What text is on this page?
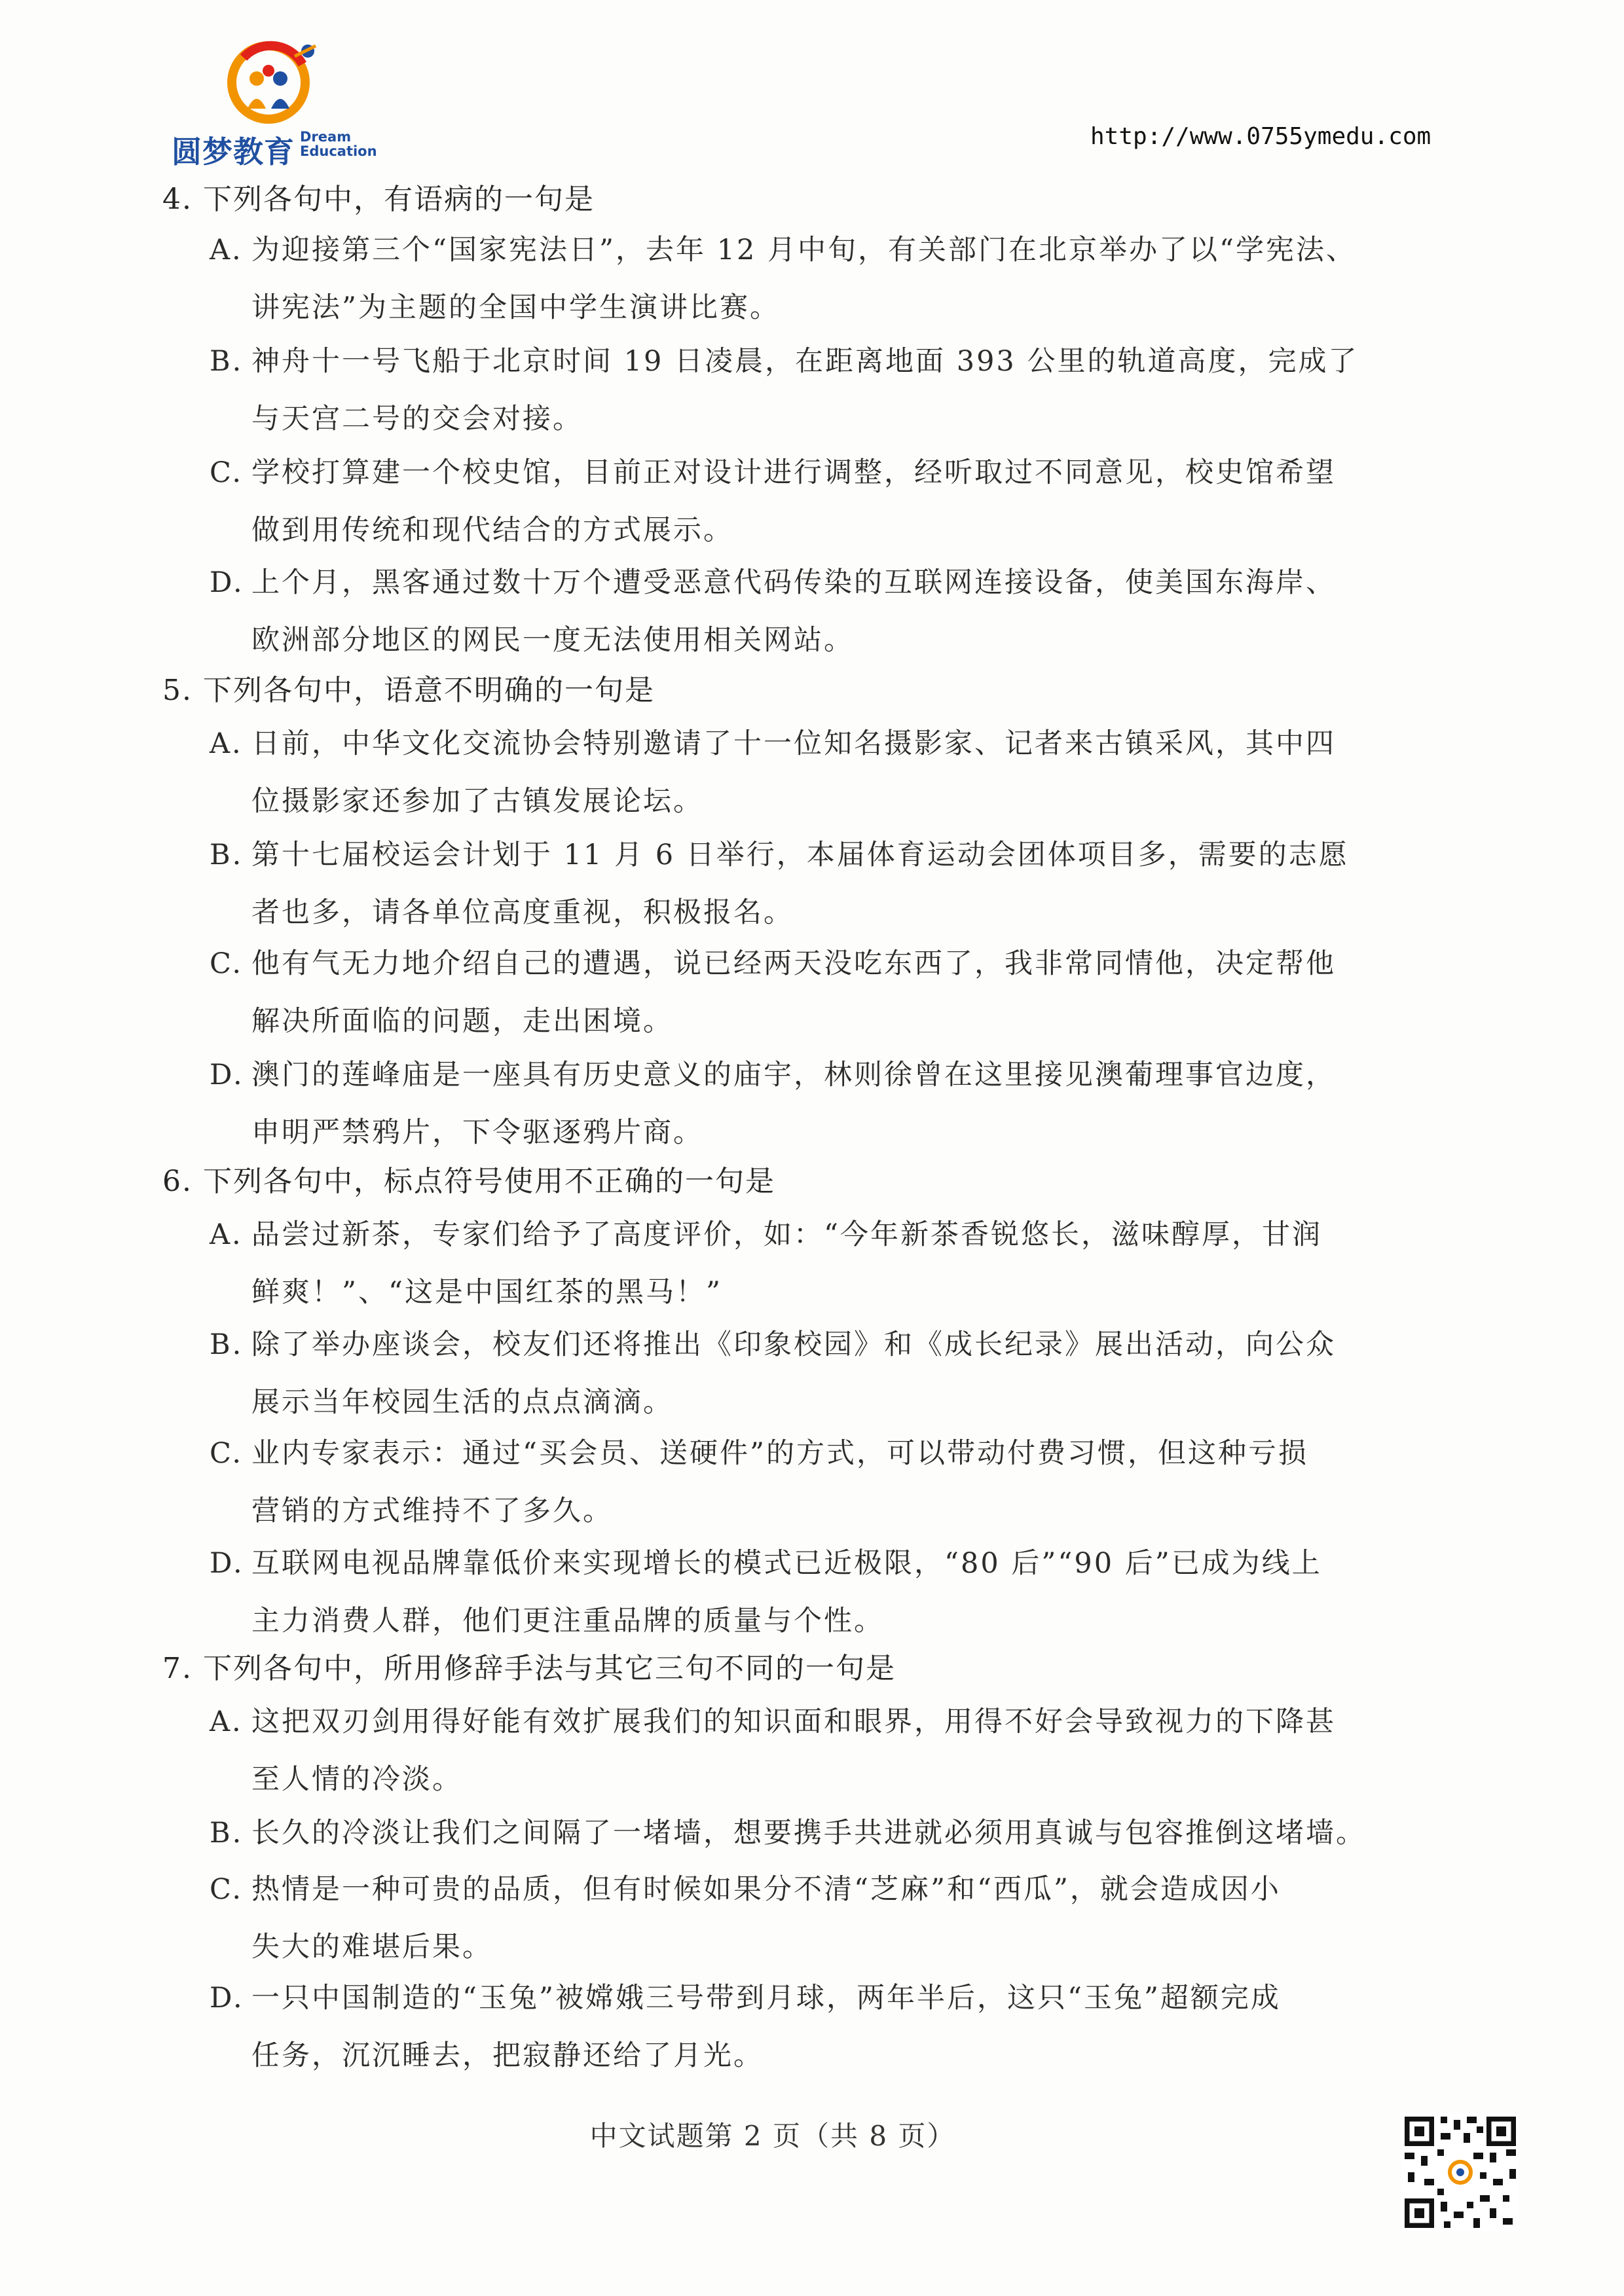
圆梦教育 Dream
Education
http://www.0755ymedu.com
4. 下列各句中，有语病的一句是
A. 为迎接第三个“国家宪法日”，去年 12 月中旬，有关部门在北京举办了以“学宪法、
讲宪法”为主题的全国中学生演讲比赛。
B. 神舟十一号飞船于北京时间 19 日凌晨，在距离地面 393 公里的轨道高度，完成了
与天宫二号的交会对接。
C. 学校打算建一个校史馆，目前正对设计进行调整，经听取过不同意见，校史馆希望
做到用传统和现代结合的方式展示。
D. 上个月，黑客通过数十万个遭受恶意代码传染的互联网连接设备，使美国东海岸、
欧洲部分地区的网民一度无法使用相关网站。
5. 下列各句中，语意不明确的一句是
A. 日前，中华文化交流协会特别邀请了十一位知名摄影家、记者来古镇采风，其中四
位摄影家还参加了古镇发展论坛。
B. 第十七届校运会计划于 11 月 6 日举行，本届体育运动会团体项目多，需要的志愿
者也多，请各单位高度重视，积极报名。
C. 他有气无力地介绍自己的遭遇，说已经两天没吃东西了，我非常同情他，决定帮他
解决所面临的问题，走出困境。
D. 澳门的莲峰庙是一座具有历史意义的庙宇，林则徐曾在这里接见澳葡理事官边度，
申明严禁鸦片，下令驱逐鸦片商。
6. 下列各句中，标点符号使用不正确的一句是
A. 品尝过新茶，专家们给予了高度评价，如：“今年新茶香锐悠长，滋味醇厚，甘润
鲜爽！”、“这是中国红茶的黑马！”
B. 除了举办座谈会，校友们还将推出《印象校园》和《成长纪录》展出活动，向公众
展示当年校园生活的点点滴滴。
C. 业内专家表示：通过“买会员、送硬件”的方式，可以带动付费习惯，但这种亏损
营销的方式维持不了多久。
D. 互联网电视品牌靠低价来实现增长的模式已近极限，“80 后”“90 后”已成为线上
主力消费人群，他们更注重品牌的质量与个性。
7. 下列各句中，所用修辞手法与其它三句不同的一句是
A. 这把双刃剑用得好能有效扩展我们的知识面和眼界，用得不好会导致视力的下降甚
至人情的冷淡。
B. 长久的冷淡让我们之间隔了一堵墙，想要携手共进就必须用真诚与包容推倒这堵墙。
C. 热情是一种可贵的品质，但有时候如果分不清“芝麻”和“西瓜”，就会造成因小
失大的难堪后果。
D. 一只中国制造的“玉兔”被嫦娥三号带到月球，两年半后，这只“玉兔”超额完成
任务，沉沉睡去，把寂静还给了月光。
中文试题第 2 页（共 8 页）
